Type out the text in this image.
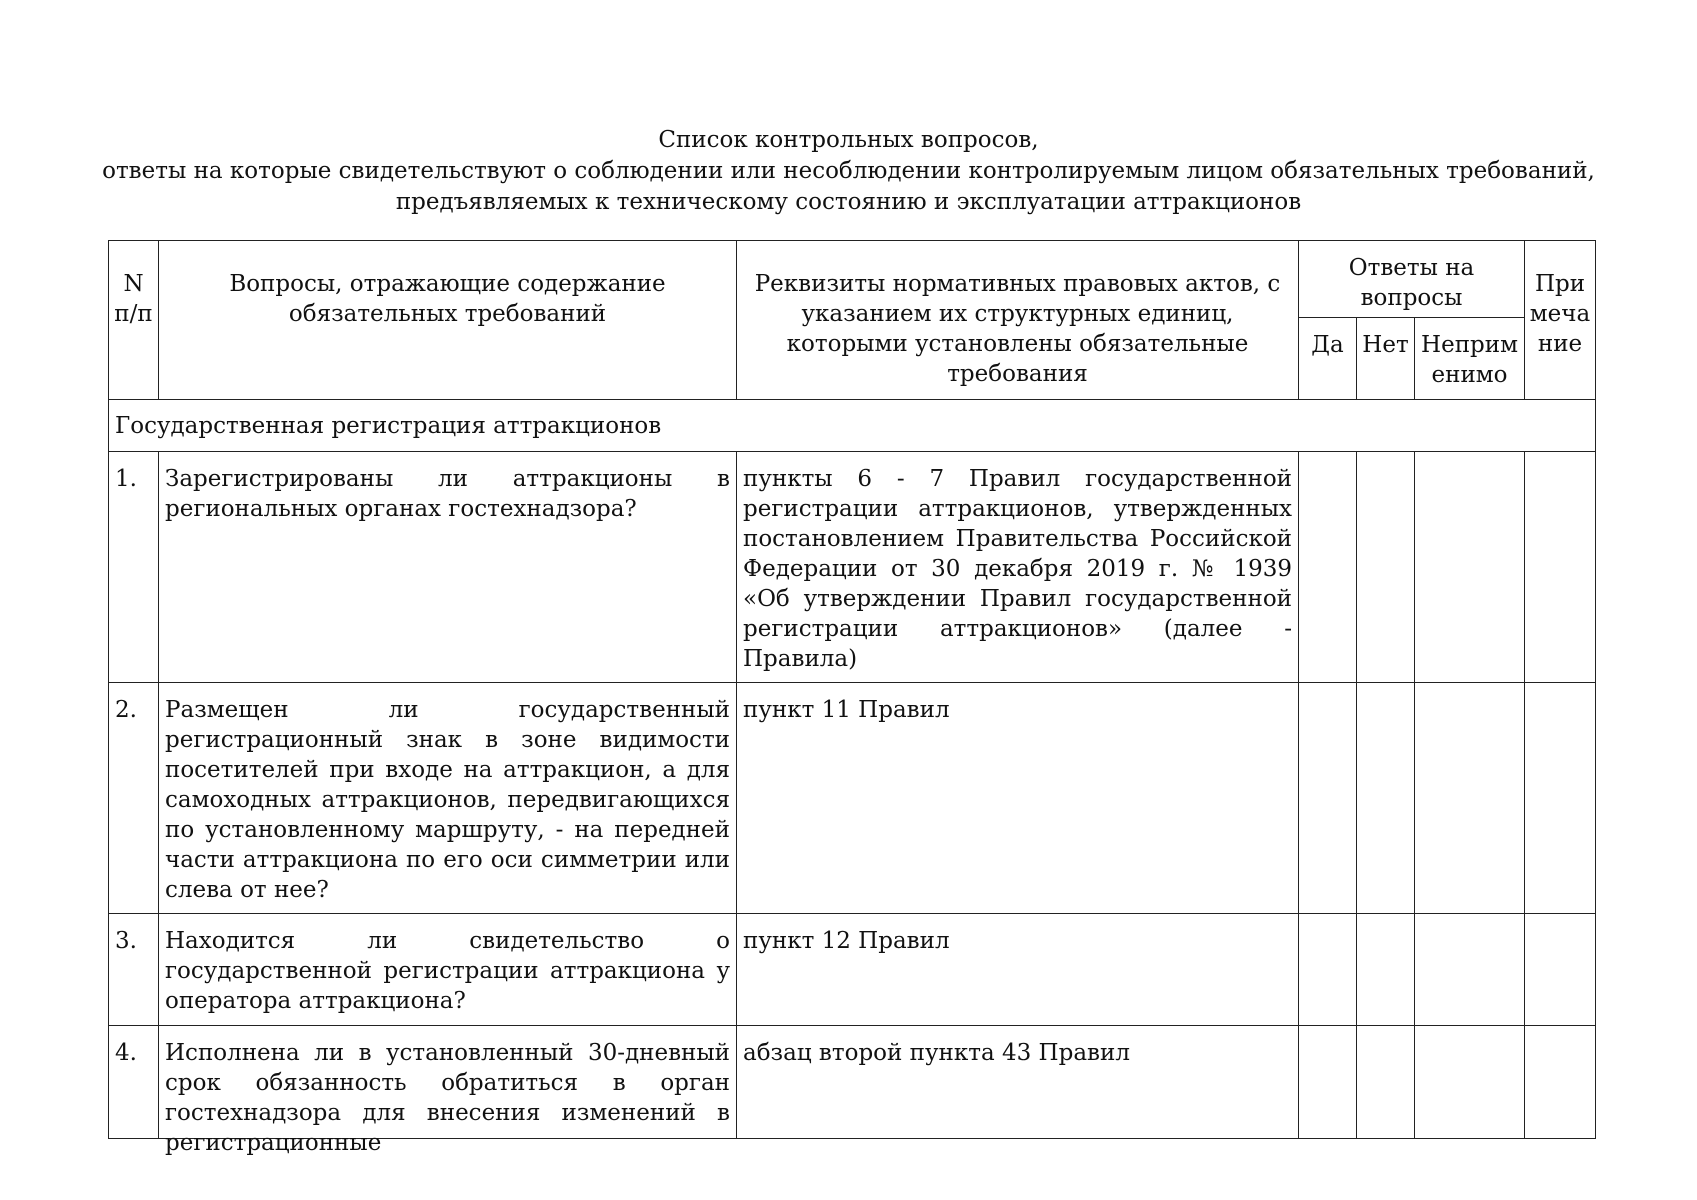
Список контрольных вопросов,
ответы на которые свидетельствуют о соблюдении или несоблюдении контролируемым лицом обязательных требований,
предъявляемых к техническому состоянию и эксплуатации аттракционов
N п/п	Вопросы, отражающие содержание обязательных требований	Реквизиты нормативных правовых актов, с указанием их структурных единиц, которыми установлены обязательные требования	Ответы на вопросы			Примечание
			Да	Нет	Неприменимо	
Государственная регистрация аттракционов						
1.	Зарегистрированы ли аттракционы в региональных органах гостехнадзора?	пункты 6 - 7 Правил государственной регистрации аттракционов, утвержденных постановлением Правительства Российской Федерации от 30 декабря 2019 г. № 1939 «Об утверждении Правил государственной регистрации аттракционов» (далее - Правила)				
2.	Размещен ли государственный регистрационный знак в зоне видимости посетителей при входе на аттракцион, а для самоходных аттракционов, передвигающихся по установленному маршруту, - на передней части аттракциона по его оси симметрии или слева от нее?	пункт 11 Правил				
3.	Находится ли свидетельство о государственной регистрации аттракциона у оператора аттракциона?	пункт 12 Правил				
4.	Исполнена ли в установленный 30-дневный срок обязанность обратиться в орган гостехнадзора для внесения изменений в регистрационные	абзац второй пункта 43 Правил				
